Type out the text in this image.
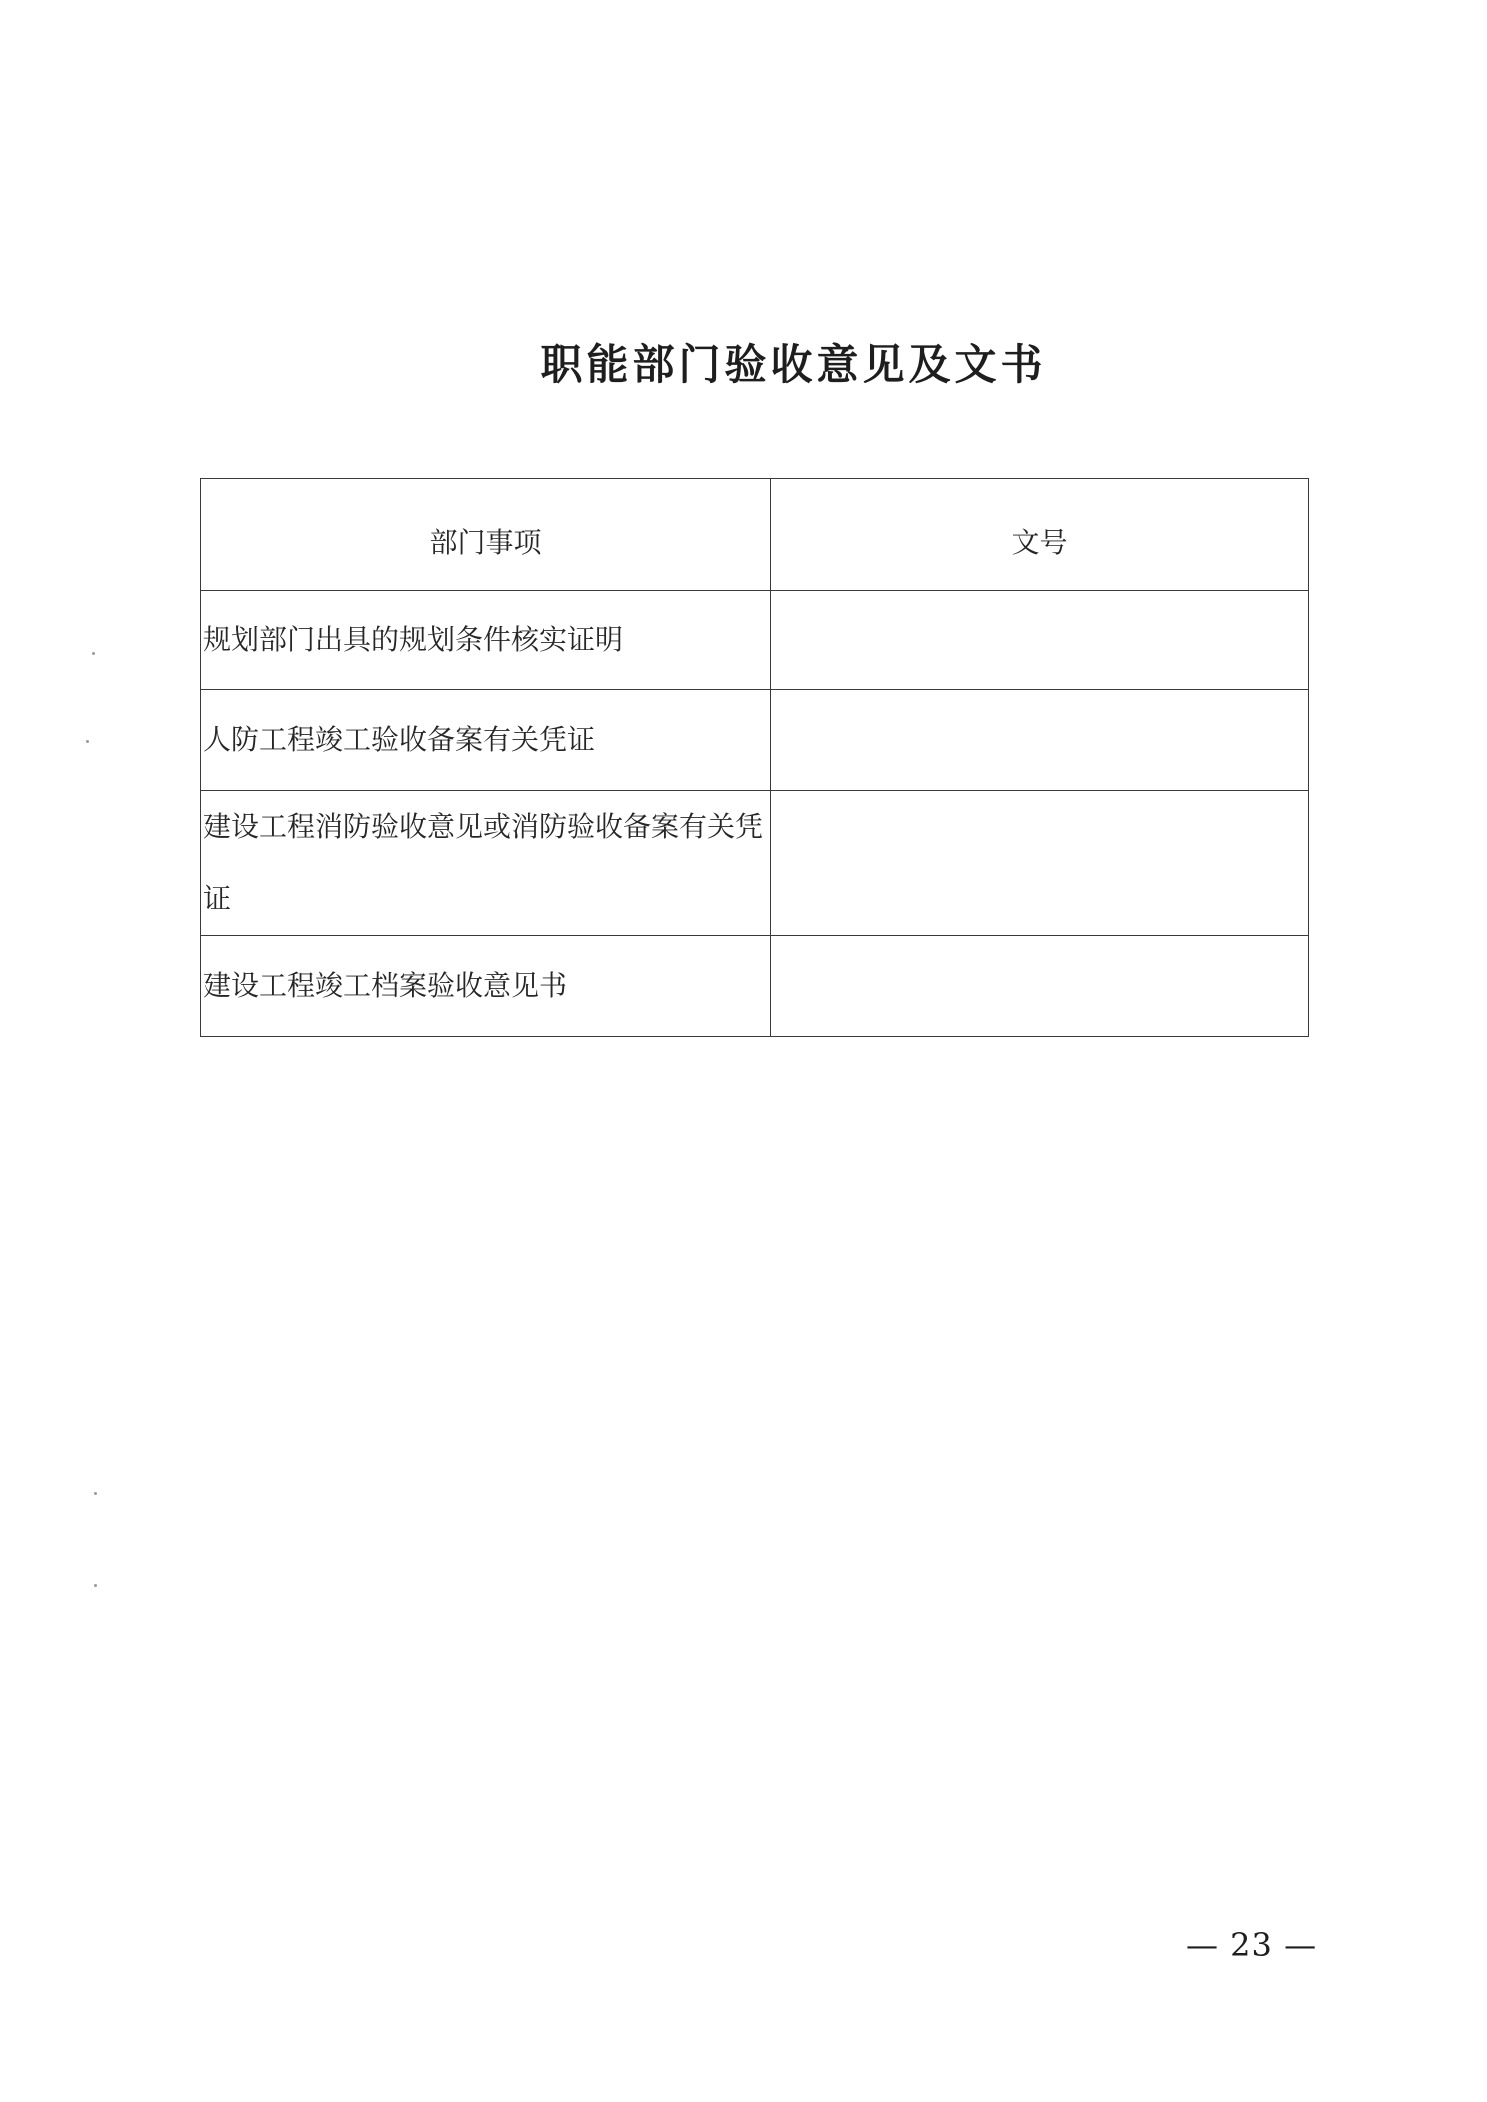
职能部门验收意见及文书
部门事项	文号
规划部门出具的规划条件核实证明	
人防工程竣工验收备案有关凭证	
建设工程消防验收意见或消防验收备案有关凭证	
建设工程竣工档案验收意见书	
— 23 —
